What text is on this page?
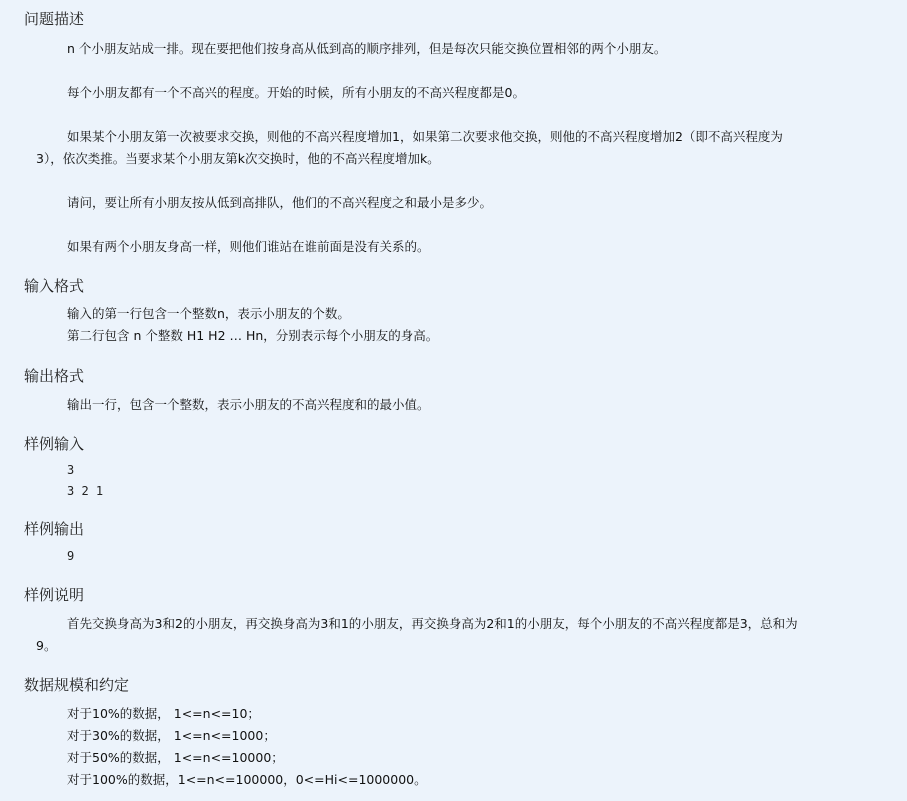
问题描述
n 个小朋友站成一排。现在要把他们按身高从低到高的顺序排列，但是每次只能交换位置相邻的两个小朋友。
每个小朋友都有一个不高兴的程度。开始的时候，所有小朋友的不高兴程度都是0。
如果某个小朋友第一次被要求交换，则他的不高兴程度增加1，如果第二次要求他交换，则他的不高兴程度增加2（即不高兴程度为
3），依次类推。当要求某个小朋友第k次交换时，他的不高兴程度增加k。
请问，要让所有小朋友按从低到高排队，他们的不高兴程度之和最小是多少。
如果有两个小朋友身高一样，则他们谁站在谁前面是没有关系的。
输入格式
输入的第一行包含一个整数n，表示小朋友的个数。
第二行包含 n 个整数 H1 H2 … Hn，分别表示每个小朋友的身高。
输出格式
输出一行，包含一个整数，表示小朋友的不高兴程度和的最小值。
样例输入
3
3 2 1
样例输出
9
样例说明
首先交换身高为3和2的小朋友，再交换身高为3和1的小朋友，再交换身高为2和1的小朋友，每个小朋友的不高兴程度都是3，总和为
9。
数据规模和约定
对于10%的数据， 1<=n<=10；
对于30%的数据， 1<=n<=1000；
对于50%的数据， 1<=n<=10000；
对于100%的数据，1<=n<=100000，0<=Hi<=1000000。
